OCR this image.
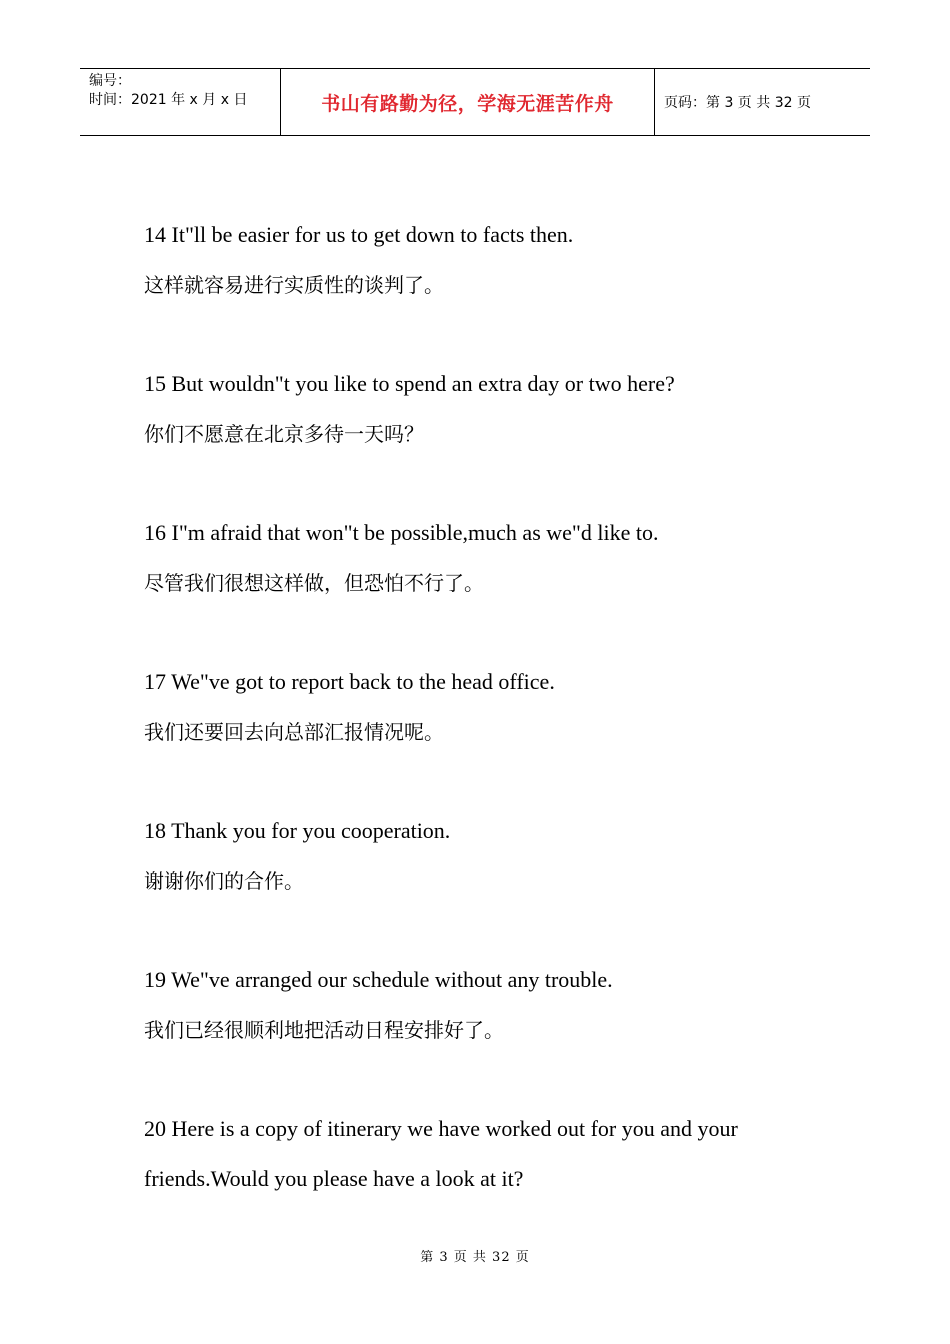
编号：
时间：2021 年 x 月 x 日	书山有路勤为径，学海无涯苦作舟	页码：第 3 页 共 32 页

14 It"ll be easier for us to get down to facts then.

这样就容易进行实质性的谈判了。

15 But wouldn"t you like to spend an extra day or two here?

你们不愿意在北京多待一天吗？

16 I"m afraid that won"t be possible,much as we"d like to.

尽管我们很想这样做，但恐怕不行了。

17 We"ve got to report back to the head office.

我们还要回去向总部汇报情况呢。

18 Thank you for you cooperation.

谢谢你们的合作。

19 We"ve arranged our schedule without any trouble.

我们已经很顺利地把活动日程安排好了。

20 Here is a copy of itinerary we have worked out for you and your

friends.Would you please have a look at it?

第 3 页 共 32 页
